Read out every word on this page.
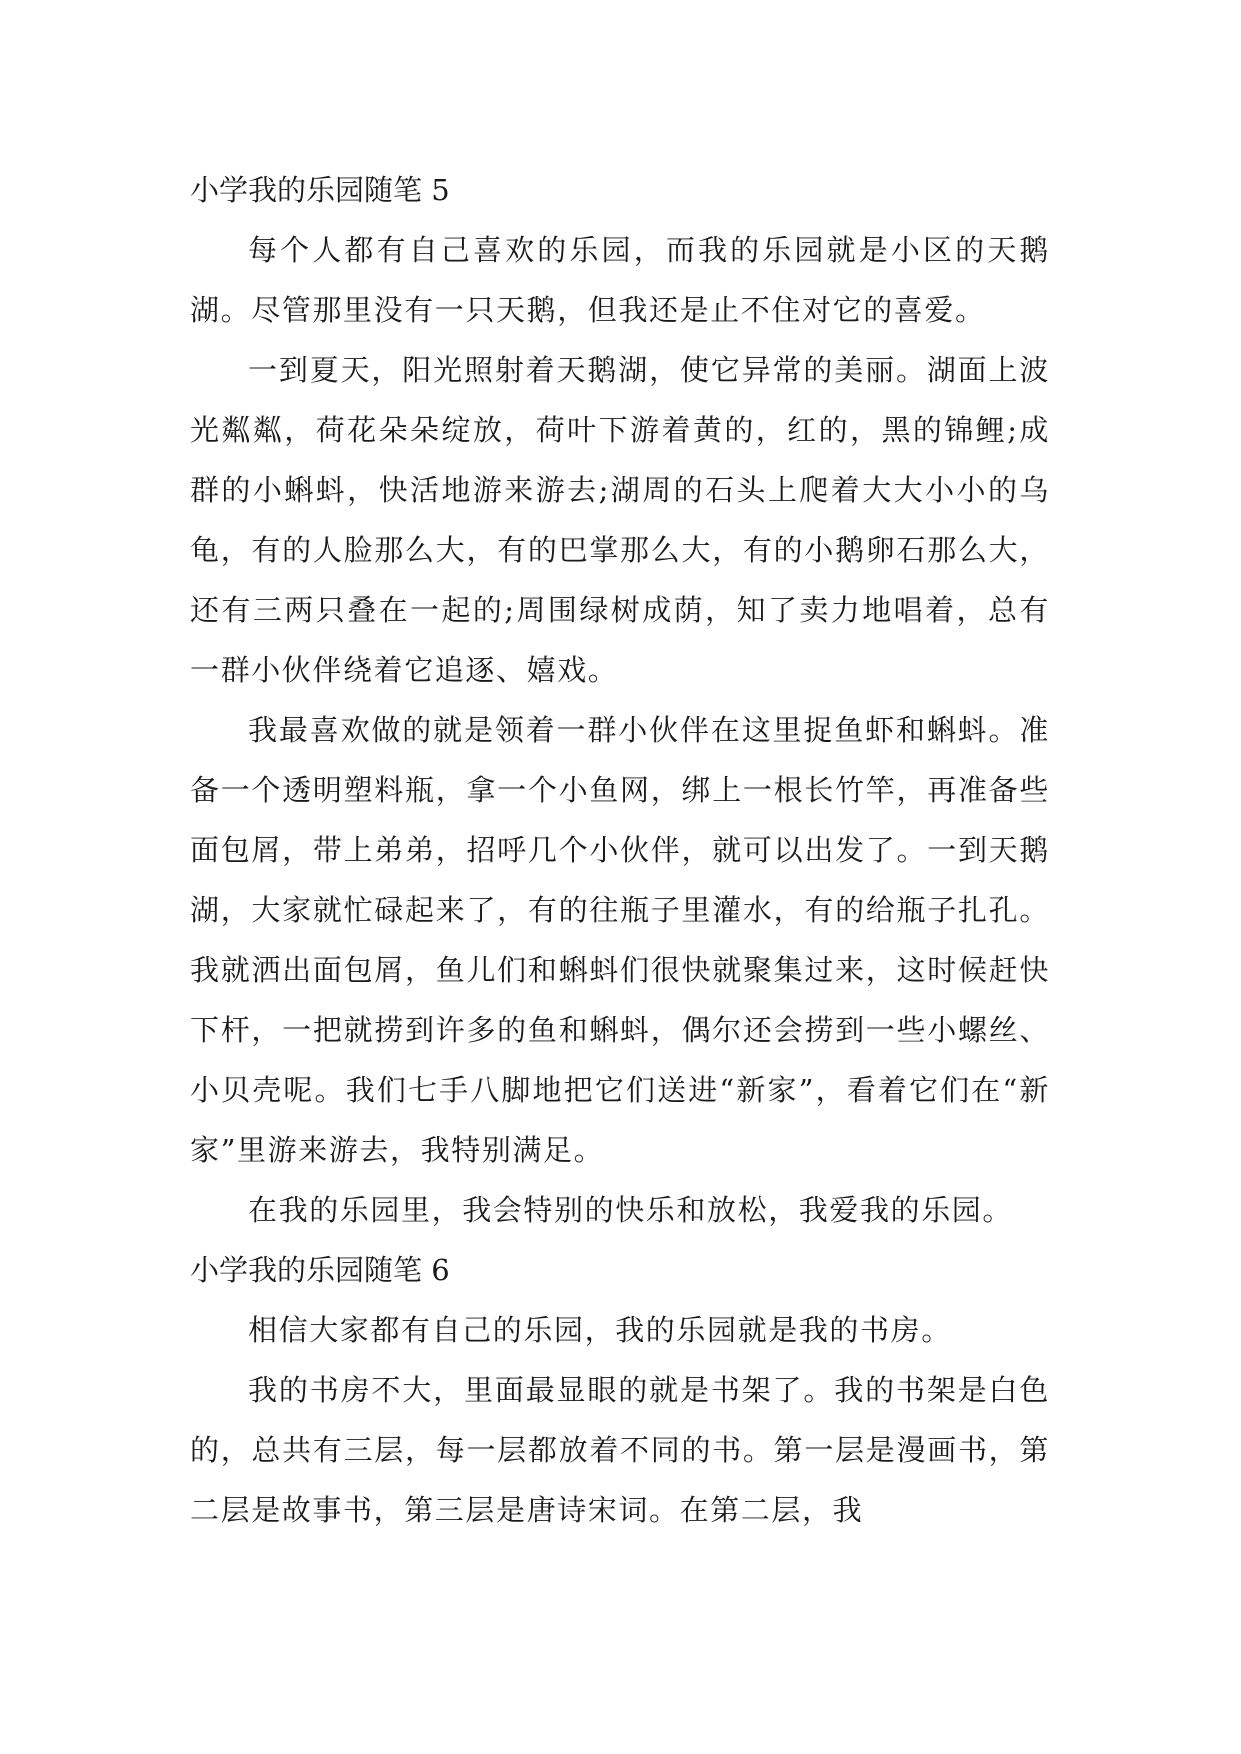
小学我的乐园随笔 5

每个人都有自己喜欢的乐园，而我的乐园就是小区的天鹅湖。尽管那里没有一只天鹅，但我还是止不住对它的喜爱。

一到夏天，阳光照射着天鹅湖，使它异常的美丽。湖面上波光粼粼，荷花朵朵绽放，荷叶下游着黄的，红的，黑的锦鲤;成群的小蝌蚪，快活地游来游去;湖周的石头上爬着大大小小的乌龟，有的人脸那么大，有的巴掌那么大，有的小鹅卵石那么大，还有三两只叠在一起的;周围绿树成荫，知了卖力地唱着，总有一群小伙伴绕着它追逐、嬉戏。

我最喜欢做的就是领着一群小伙伴在这里捉鱼虾和蝌蚪。准备一个透明塑料瓶，拿一个小鱼网，绑上一根长竹竿，再准备些面包屑，带上弟弟，招呼几个小伙伴，就可以出发了。一到天鹅湖，大家就忙碌起来了，有的往瓶子里灌水，有的给瓶子扎孔。我就洒出面包屑，鱼儿们和蝌蚪们很快就聚集过来，这时候赶快下杆，一把就捞到许多的鱼和蝌蚪，偶尔还会捞到一些小螺丝、小贝壳呢。我们七手八脚地把它们送进“新家”，看着它们在“新家”里游来游去，我特别满足。

在我的乐园里，我会特别的快乐和放松，我爱我的乐园。

小学我的乐园随笔 6

相信大家都有自己的乐园，我的乐园就是我的书房。

我的书房不大，里面最显眼的就是书架了。我的书架是白色的，总共有三层，每一层都放着不同的书。第一层是漫画书，第二层是故事书，第三层是唐诗宋词。在第二层，我
